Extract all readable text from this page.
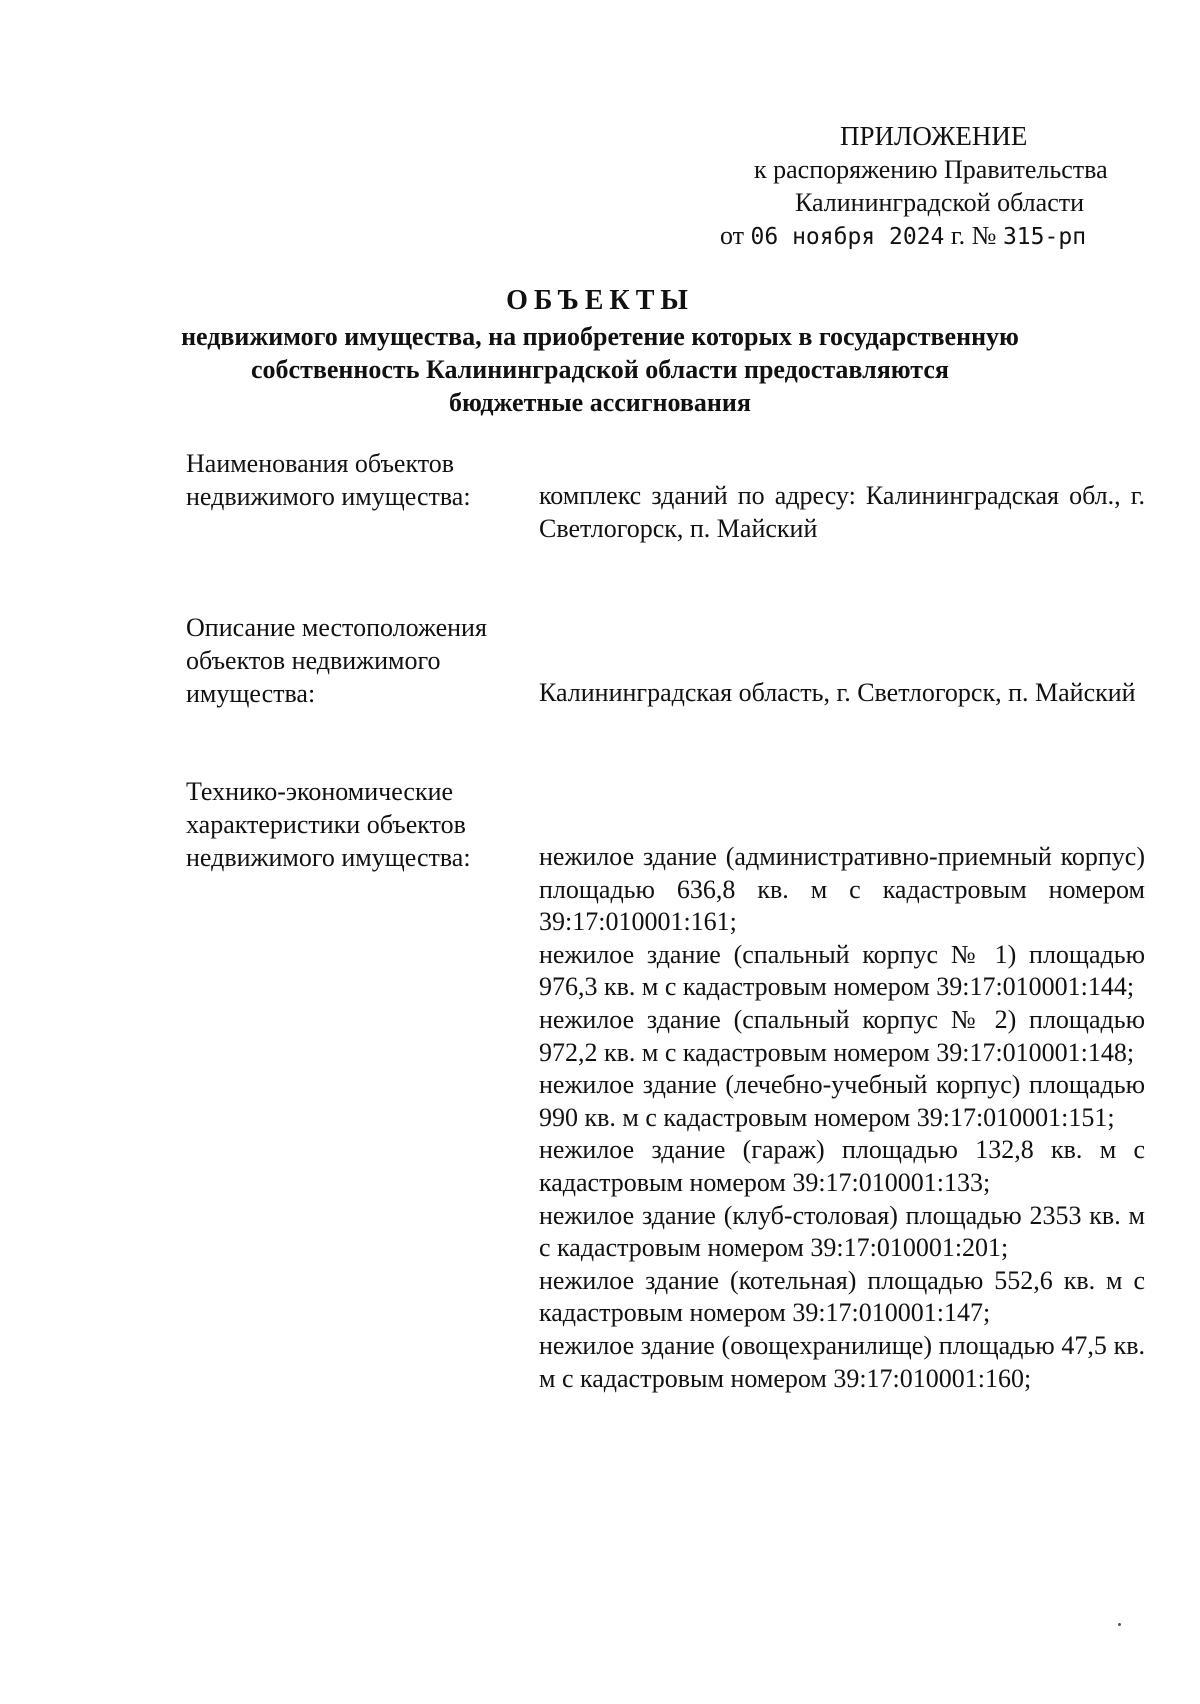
ПРИЛОЖЕНИЕ
к распоряжению Правительства
Калининградской области
от 06 ноября 2024 г. № 315-рп
ОБЪЕКТЫ
недвижимого имущества, на приобретение которых в государственную
собственность Калининградской области предоставляются
бюджетные ассигнования
Наименования объектов
недвижимого имущества:	комплекс зданий по адресу: Калининградская обл., г. Светлогорск, п. Майский
Описание местоположения
объектов недвижимого
имущества:	Калининградская область, г. Светлогорск, п. Майский
Технико-экономические
характеристики объектов
недвижимого имущества:	нежилое здание (административно-приемный корпус) площадью 636,8 кв. м с кадастровым номером 39:17:010001:161;
нежилое здание (спальный корпус № 1) площадью 976,3 кв. м с кадастровым номером 39:17:010001:144;
нежилое здание (спальный корпус № 2) площадью 972,2 кв. м с кадастровым номером 39:17:010001:148;
нежилое здание (лечебно-учебный корпус) площадью 990 кв. м с кадастровым номером 39:17:010001:151;
нежилое здание (гараж) площадью 132,8 кв. м с кадастровым номером 39:17:010001:133;
нежилое здание (клуб-столовая) площадью 2353 кв. м с кадастровым номером 39:17:010001:201;
нежилое здание (котельная) площадью 552,6 кв. м с кадастровым номером 39:17:010001:147;
нежилое здание (овощехранилище) площадью 47,5 кв. м с кадастровым номером 39:17:010001:160;
